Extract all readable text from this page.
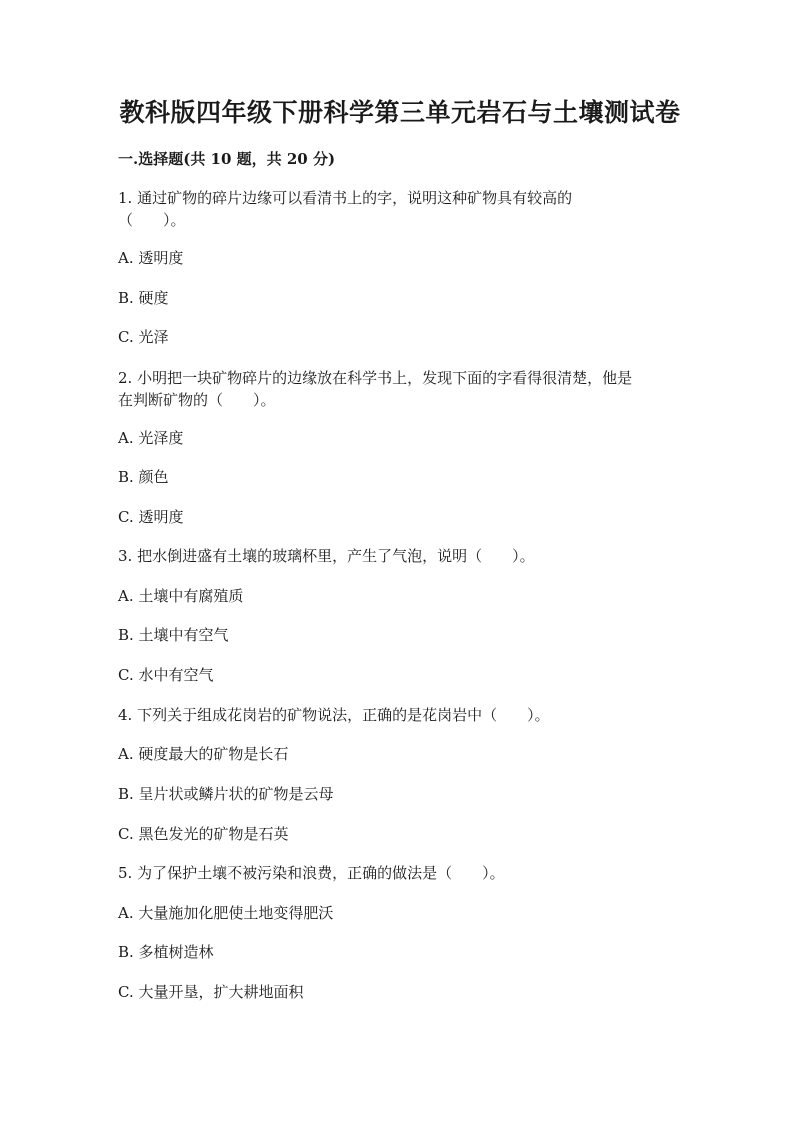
教科版四年级下册科学第三单元岩石与土壤测试卷
一.选择题(共 10 题，共 20 分)
1. 通过矿物的碎片边缘可以看清书上的字，说明这种矿物具有较高的
（　　）。
A. 透明度
B. 硬度
C. 光泽
2. 小明把一块矿物碎片的边缘放在科学书上，发现下面的字看得很清楚，他是
在判断矿物的（　　）。
A. 光泽度
B. 颜色
C. 透明度
3. 把水倒进盛有土壤的玻璃杯里，产生了气泡，说明（　　）。
A. 土壤中有腐殖质
B. 土壤中有空气
C. 水中有空气
4. 下列关于组成花岗岩的矿物说法，正确的是花岗岩中（　　）。
A. 硬度最大的矿物是长石
B. 呈片状或鳞片状的矿物是云母
C. 黑色发光的矿物是石英
5. 为了保护土壤不被污染和浪费，正确的做法是（　　）。
A. 大量施加化肥使土地变得肥沃
B. 多植树造林
C. 大量开垦，扩大耕地面积
